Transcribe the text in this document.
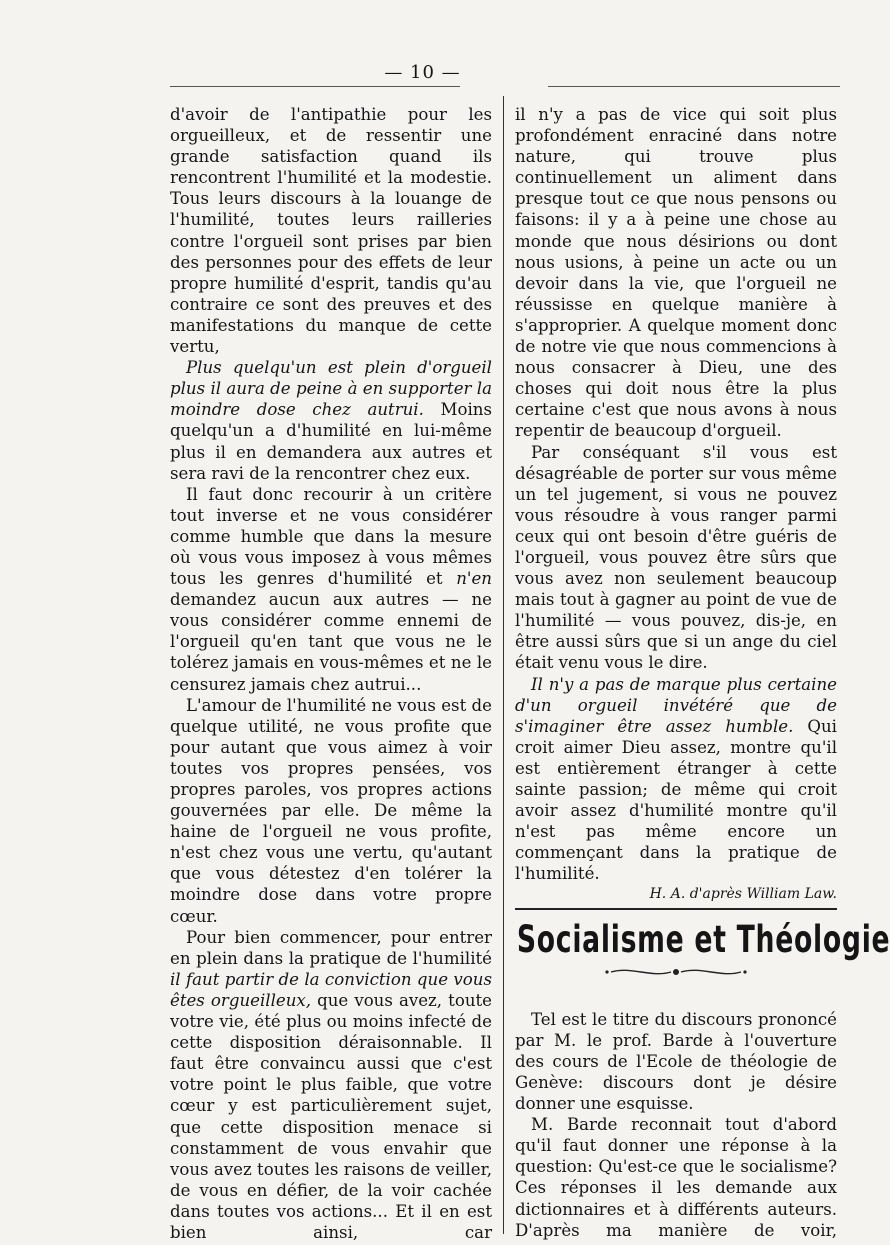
— 10 —

d'avoir de l'antipathie pour les orgueilleux, et de ressentir une grande satisfaction quand ils rencontrent l'humilité et la modestie. Tous leurs discours à la louange de l'humilité, toutes leurs railleries contre l'orgueil sont prises par bien des personnes pour des effets de leur propre humilité d'esprit, tandis qu'au contraire ce sont des preuves et des manifestations du manque de cette vertu,

Plus quelqu'un est plein d'orgueil plus il aura de peine à en supporter la moindre dose chez autrui. Moins quelqu'un a d'humilité en lui-même plus il en demandera aux autres et sera ravi de la rencontrer chez eux.

Il faut donc recourir à un critère tout inverse et ne vous considérer comme humble que dans la mesure où vous vous imposez à vous mêmes tous les genres d'humilité et n'en demandez aucun aux autres — ne vous considérer comme ennemi de l'orgueil qu'en tant que vous ne le tolérez jamais en vous-mêmes et ne le censurez jamais chez autrui...

L'amour de l'humilité ne vous est de quelque utilité, ne vous profite que pour autant que vous aimez à voir toutes vos propres pensées, vos propres paroles, vos propres actions gouvernées par elle. De même la haine de l'orgueil ne vous profite, n'est chez vous une vertu, qu'autant que vous détestez d'en tolérer la moindre dose dans votre propre cœur.

Pour bien commencer, pour entrer en plein dans la pratique de l'humilité il faut partir de la conviction que vous êtes orgueilleux, que vous avez, toute votre vie, été plus ou moins infecté de cette disposition déraisonnable. Il faut être convaincu aussi que c'est votre point le plus faible, que votre cœur y est particulièrement sujet, que cette disposition menace si constamment de vous envahir que vous avez toutes les raisons de veiller, de vous en défier, de la voir cachée dans toutes vos actions... Et il en est bien ainsi, car

il n'y a pas de vice qui soit plus profondément enraciné dans notre nature, qui trouve plus continuellement un aliment dans presque tout ce que nous pensons ou faisons: il y a à peine une chose au monde que nous désirions ou dont nous usions, à peine un acte ou un devoir dans la vie, que l'orgueil ne réussisse en quelque manière à s'approprier. A quelque moment donc de notre vie que nous commencions à nous consacrer à Dieu, une des choses qui doit nous être la plus certaine c'est que nous avons à nous repentir de beaucoup d'orgueil.

Par conséquant s'il vous est désagréable de porter sur vous même un tel jugement, si vous ne pouvez vous résoudre à vous ranger parmi ceux qui ont besoin d'être guéris de l'orgueil, vous pouvez être sûrs que vous avez non seulement beaucoup mais tout à gagner au point de vue de l'humilité — vous pouvez, dis-je, en être aussi sûrs que si un ange du ciel était venu vous le dire.

Il n'y a pas de marque plus certaine d'un orgueil invétéré que de s'imaginer être assez humble. Qui croit aimer Dieu assez, montre qu'il est entièrement étranger à cette sainte passion; de même qui croit avoir assez d'humilité montre qu'il n'est pas même encore un commençant dans la pratique de l'humilité.

H. A. d'après William Law.

Socialisme et Théologie

Tel est le titre du discours prononcé par M. le prof. Barde à l'ouverture des cours de l'Ecole de théologie de Genève: discours dont je désire donner une esquisse.

M. Barde reconnait tout d'abord qu'il faut donner une réponse à la question: Qu'est-ce que le socialisme? Ces réponses il les demande aux dictionnaires et à différents auteurs. D'après ma manière de voir,
